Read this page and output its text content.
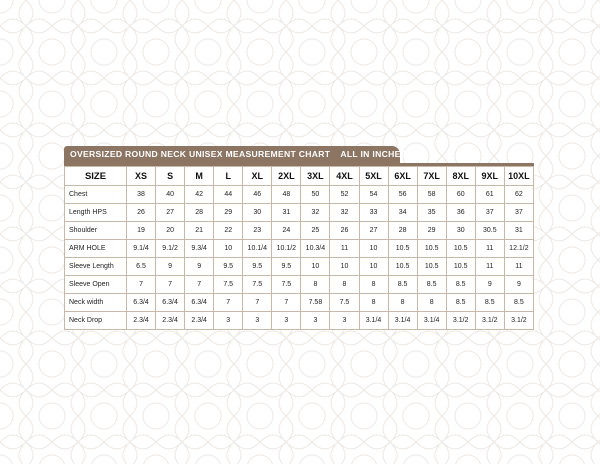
OVERSIZED ROUND NECK UNISEX MEASUREMENT CHART ALL IN INCHES
SIZE	XS	S	M	L	XL	2XL	3XL	4XL	5XL	6XL	7XL	8XL	9XL	10XL
Chest	38	40	42	44	46	48	50	52	54	56	58	60	61	62
Length HPS	26	27	28	29	30	31	32	32	33	34	35	36	37	37
Shoulder	19	20	21	22	23	24	25	26	27	28	29	30	30.5	31
ARM HOLE	9.1/4	9.1/2	9.3/4	10	10.1/4	10.1/2	10.3/4	11	10	10.5	10.5	10.5	11	12.1/2
Sleeve Length	6.5	9	9	9.5	9.5	9.5	10	10	10	10.5	10.5	10.5	11	11
Sleeve Open	7	7	7	7.5	7.5	7.5	8	8	8	8.5	8.5	8.5	9	9
Neck width	6.3/4	6.3/4	6.3/4	7	7	7	7.58	7.5	8	8	8	8.5	8.5	8.5
Neck Drop	2.3/4	2.3/4	2.3/4	3	3	3	3	3	3.1/4	3.1/4	3.1/4	3.1/2	3.1/2	3.1/2
